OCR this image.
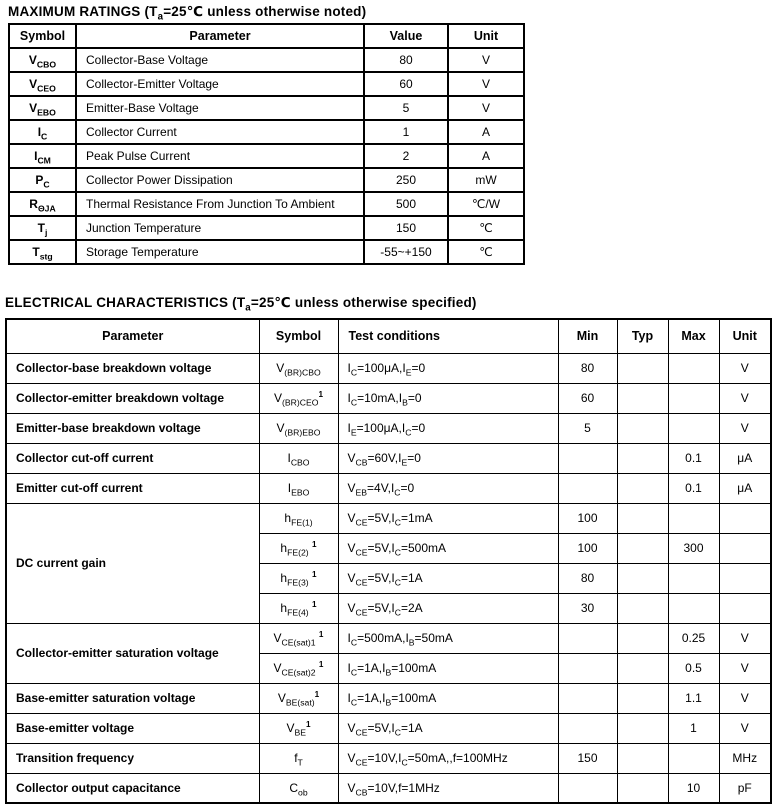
MAXIMUM RATINGS ($T_a=25℃$ unless otherwise noted)
Symbol	Parameter	Value	Unit
$V_{CBO}$	Collector-Base Voltage	80	V
$V_{CEO}$	Collector-Emitter Voltage	60	V
$V_{EBO}$	Emitter-Base Voltage	5	V
$I_C$	Collector Current	1	A
$I_{CM}$	Peak Pulse Current	2	A
$P_C$	Collector Power Dissipation	250	mW
$R_{\Theta JA}$	Thermal Resistance From Junction To Ambient	500	℃/W
$T_j$	Junction Temperature	150	℃
$T_{stg}$	Storage Temperature	-55~+150	℃
ELECTRICAL CHARACTERISTICS ($T_a=25℃$ unless otherwise specified)
Parameter	Symbol	Test conditions	Min	Typ	Max	Unit
Collector-base breakdown voltage	$V_{(BR)CBO}$	$I_C=100\mu A,I_E=0$	80			V
Collector-emitter breakdown voltage	$V_{(BR)CEO}^1$	$I_C=10mA,I_B=0$	60			V
Emitter-base breakdown voltage	$V_{(BR)EBO}$	$I_E=100\mu A,I_C=0$	5			V
Collector cut-off current	$I_{CBO}$	$V_{CB}=60V,I_E=0$			0.1	μA
Emitter cut-off current	$I_{EBO}$	$V_{EB}=4V,I_C=0$			0.1	μA
DC current gain	$h_{FE(1)}$	$V_{CE}=5V,I_C=1mA$	100			
	$h_{FE(2)}$ $^1$	$V_{CE}=5V,I_C=500mA$	100		300	
	$h_{FE(3)}$ $^1$	$V_{CE}=5V,I_C=1A$	80			
	$h_{FE(4)}$ $^1$	$V_{CE}=5V,I_C=2A$	30			
Collector-emitter saturation voltage	$V_{CE(sat)1}$ $^1$	$I_C=500mA,I_B=50mA$			0.25	V
	$V_{CE(sat)2}$ $^1$	$I_C=1A,I_B=100mA$			0.5	V
Base-emitter saturation voltage	$V_{BE(sat)}^1$	$I_C=1A,I_B=100mA$			1.1	V
Base-emitter voltage	$V_{BE}^1$	$V_{CE}=5V,I_C=1A$			1	V
Transition frequency	$f_T$	$V_{CE}=10V,I_C=50mA,,f=100MHz$	150			MHz
Collector output capacitance	$C_{ob}$	$V_{CB}=10V,f=1MHz$			10	pF
